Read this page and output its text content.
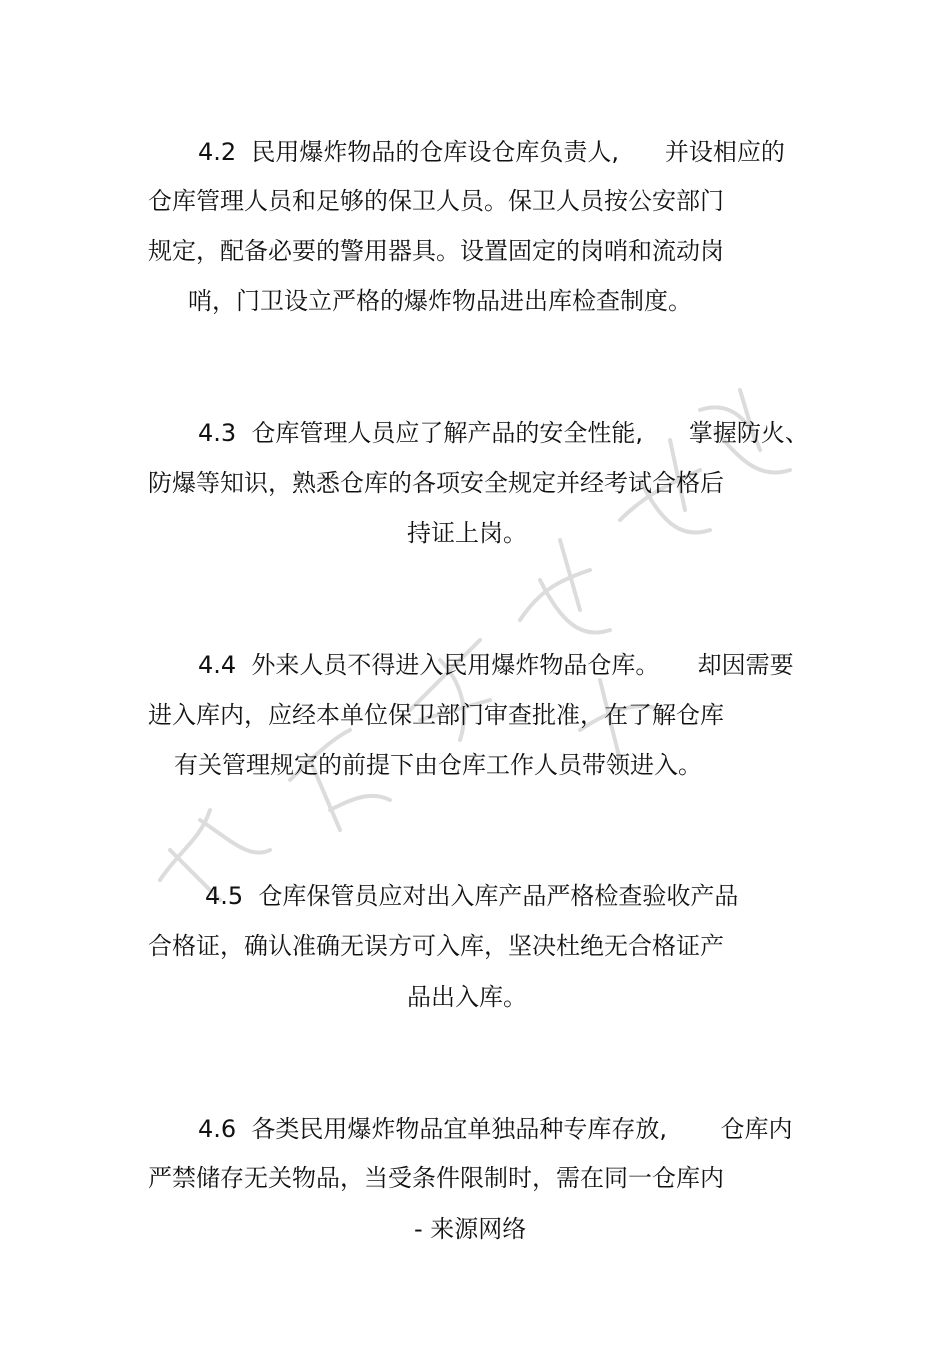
4.2  民用爆炸物品的仓库设仓库负责人,      并设相应的
仓库管理人员和足够的保卫人员。保卫人员按公安部门
规定，配备必要的警用器具。设置固定的岗哨和流动岗
哨，门卫设立严格的爆炸物品进出库检查制度。
4.3  仓库管理人员应了解产品的安全性能,      掌握防火、
防爆等知识，熟悉仓库的各项安全规定并经考试合格后
持证上岗。
4.4  外来人员不得进入民用爆炸物品仓库。     却因需要
进入库内，应经本单位保卫部门审查批准，在了解仓库
有关管理规定的前提下由仓库工作人员带领进入。
4.5  仓库保管员应对出入库产品严格检查验收产品
合格证，确认准确无误方可入库，坚决杜绝无合格证产
品出入库。
4.6  各类民用爆炸物品宜单独品种专库存放,       仓库内
严禁储存无关物品，当受条件限制时，需在同一仓库内
- 来源网络
